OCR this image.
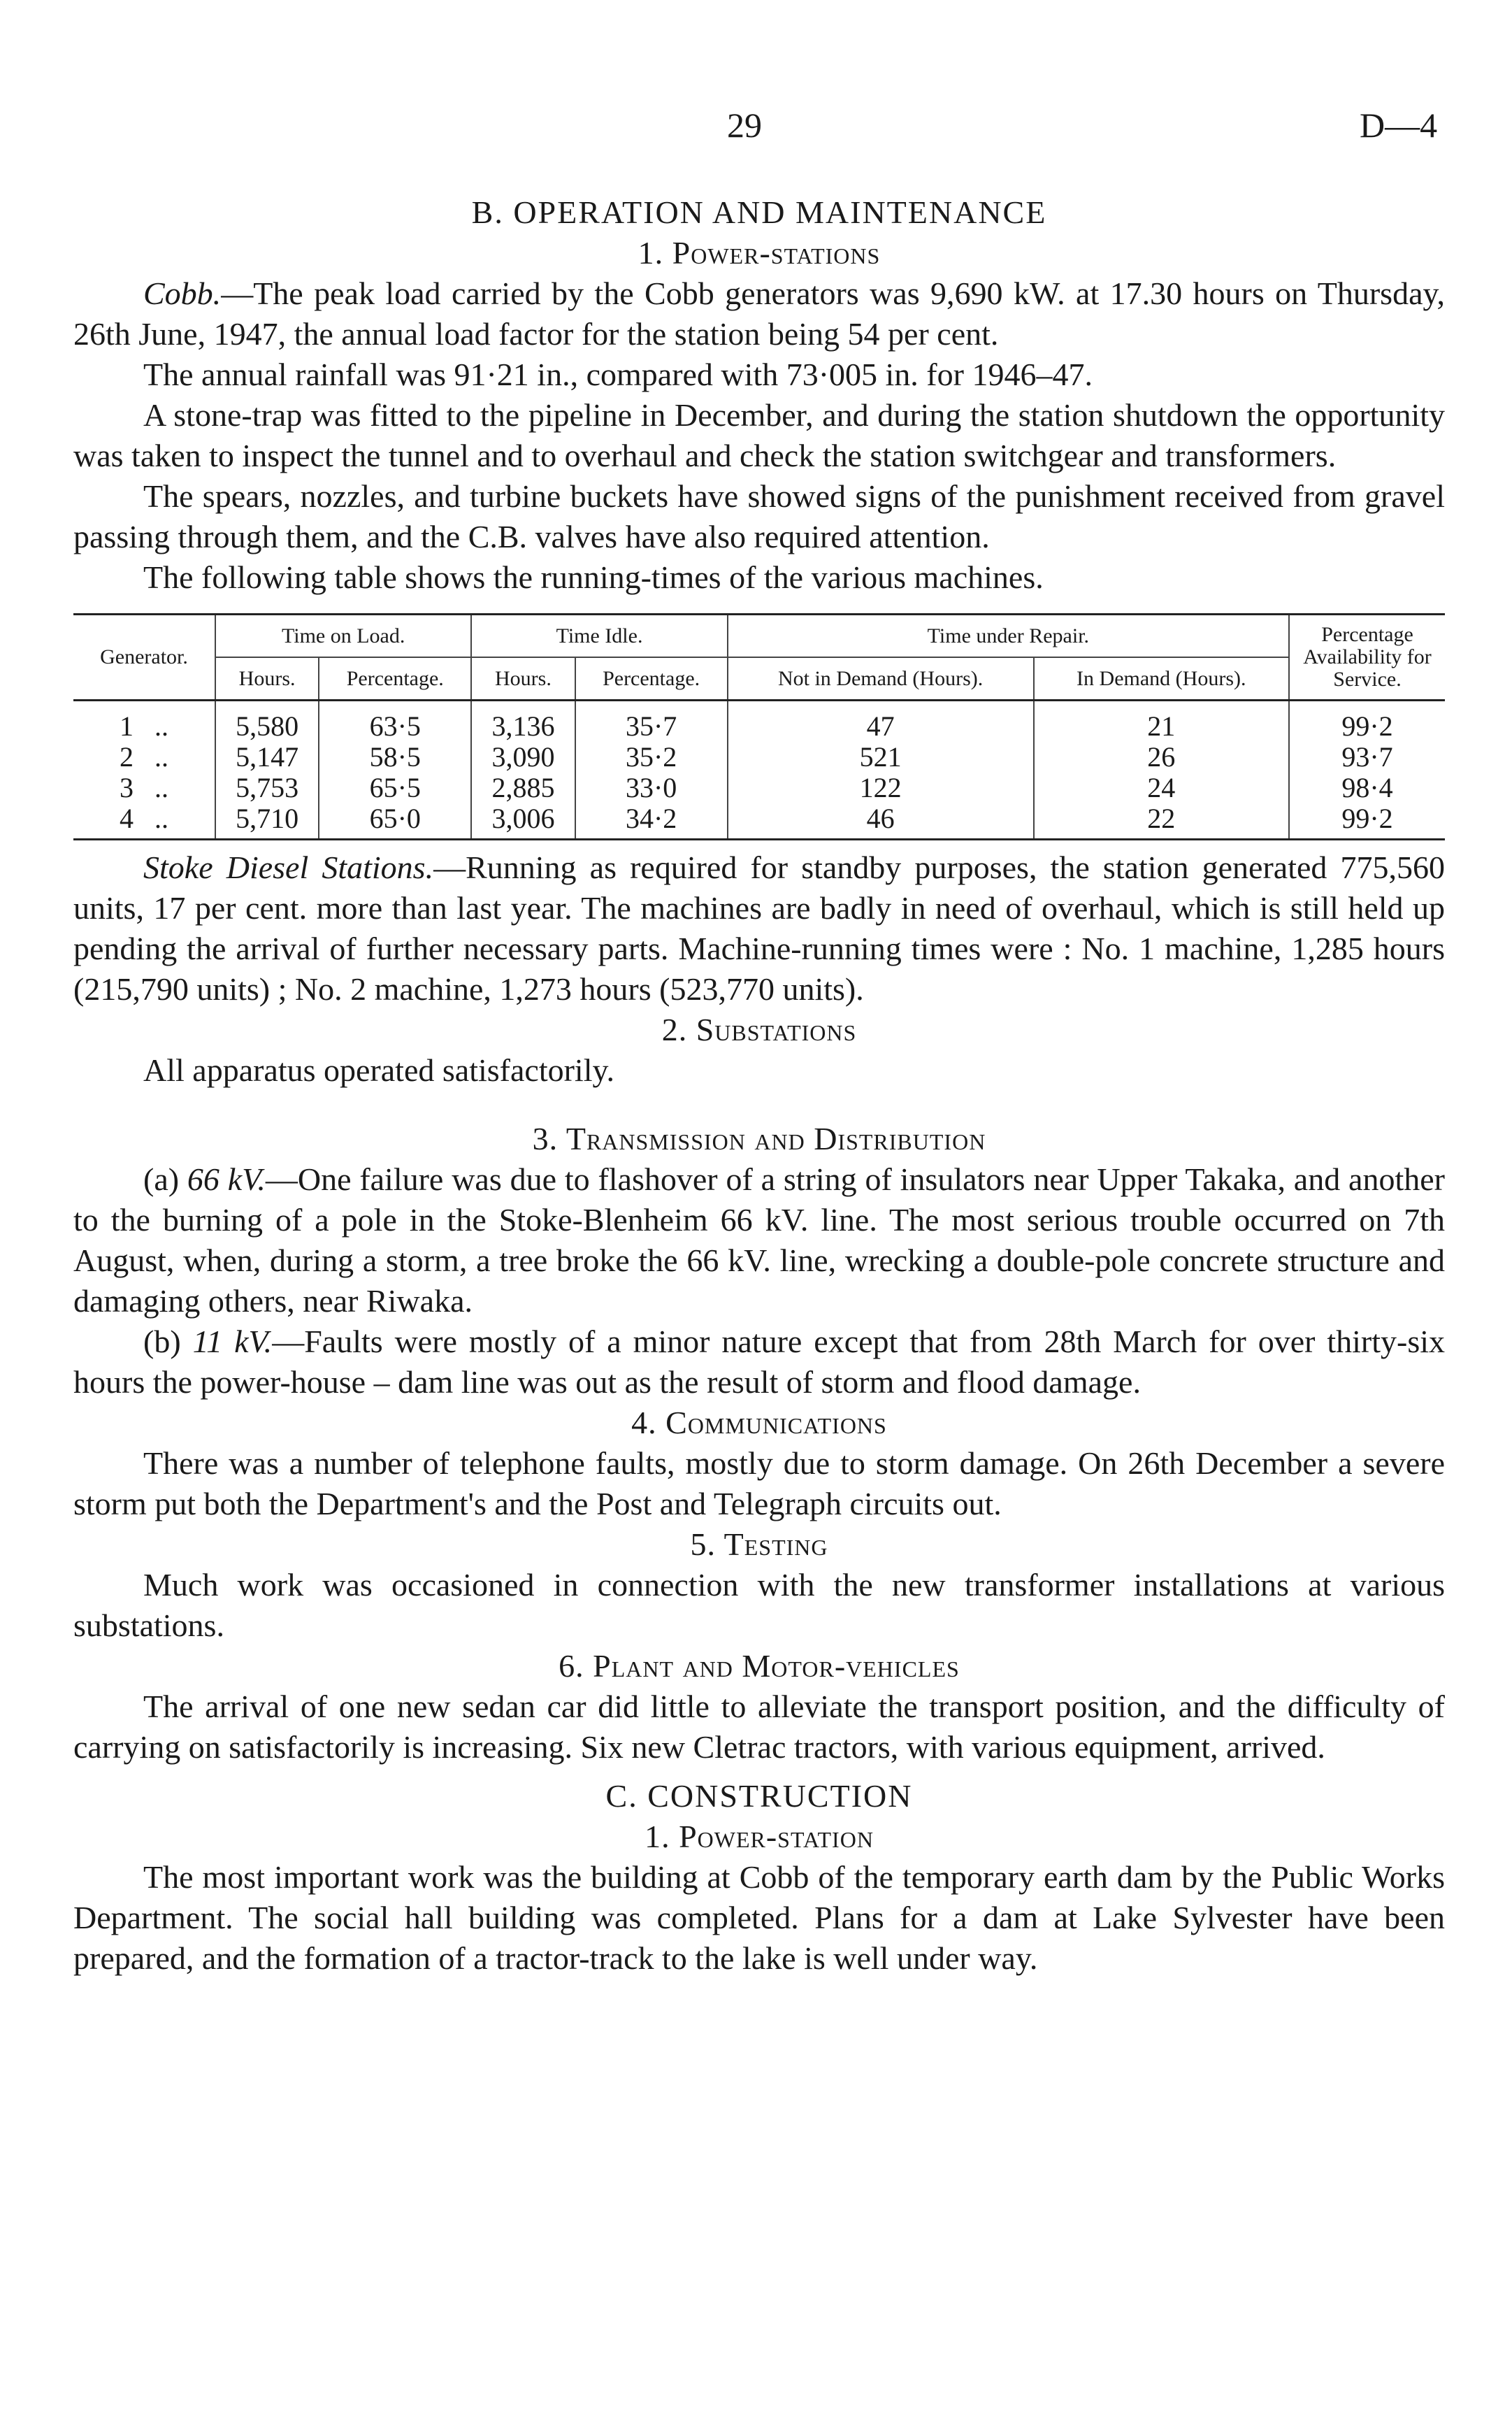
29	D—4
B. OPERATION AND MAINTENANCE
1. Power-stations

Cobb.—The peak load carried by the Cobb generators was 9,690 kW. at 17.30 hours on Thursday, 26th June, 1947, the annual load factor for the station being 54 per cent.

The annual rainfall was 91·21 in., compared with 73·005 in. for 1946–47.

A stone-trap was fitted to the pipeline in December, and during the station shutdown the opportunity was taken to inspect the tunnel and to overhaul and check the station switchgear and transformers.

The spears, nozzles, and turbine buckets have showed signs of the punishment received from gravel passing through them, and the C.B. valves have also required attention.

The following table shows the running-times of the various machines.

Generator.	Time on Load.		Time Idle.		Time under Repair.		Percentage Availability for Service.
	Hours.	Percentage.	Hours.	Percentage.	Not in Demand (Hours).	In Demand (Hours).	
1 ..	5,580	63·5	3,136	35·7	47	21	99·2
2 ..	5,147	58·5	3,090	35·2	521	26	93·7
3 ..	5,753	65·5	2,885	33·0	122	24	98·4
4 ..	5,710	65·0	3,006	34·2	46	22	99·2

Stoke Diesel Stations.—Running as required for standby purposes, the station generated 775,560 units, 17 per cent. more than last year. The machines are badly in need of overhaul, which is still held up pending the arrival of further necessary parts. Machine-running times were : No. 1 machine, 1,285 hours (215,790 units) ; No. 2 machine, 1,273 hours (523,770 units).

2. Substations

All apparatus operated satisfactorily.

3. Transmission and Distribution

(a) 66 kV.—One failure was due to flashover of a string of insulators near Upper Takaka, and another to the burning of a pole in the Stoke-Blenheim 66 kV. line. The most serious trouble occurred on 7th August, when, during a storm, a tree broke the 66 kV. line, wrecking a double-pole concrete structure and damaging others, near Riwaka.

(b) 11 kV.—Faults were mostly of a minor nature except that from 28th March for over thirty-six hours the power-house – dam line was out as the result of storm and flood damage.

4. Communications

There was a number of telephone faults, mostly due to storm damage. On 26th December a severe storm put both the Department's and the Post and Telegraph circuits out.

5. Testing

Much work was occasioned in connection with the new transformer installations at various substations.

6. Plant and Motor-vehicles

The arrival of one new sedan car did little to alleviate the transport position, and the difficulty of carrying on satisfactorily is increasing. Six new Cletrac tractors, with various equipment, arrived.

C. CONSTRUCTION
1. Power-station

The most important work was the building at Cobb of the temporary earth dam by the Public Works Department. The social hall building was completed. Plans for a dam at Lake Sylvester have been prepared, and the formation of a tractor-track to the lake is well under way.
